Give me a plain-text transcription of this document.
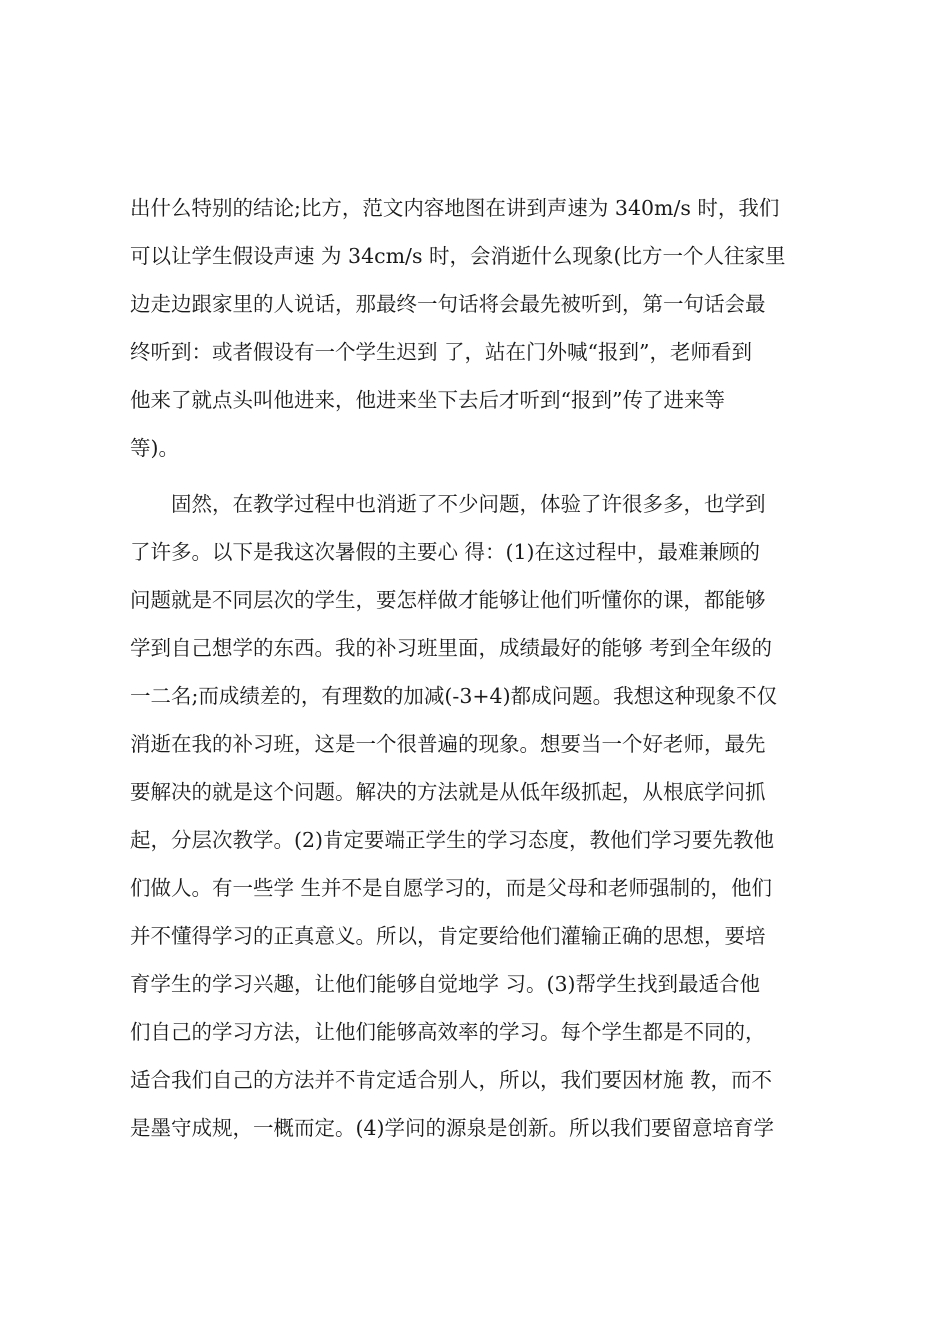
出什么特别的结论;比方，范文内容地图在讲到声速为 340m/s 时，我们
可以让学生假设声速 为 34cm/s 时，会消逝什么现象(比方一个人往家里
边走边跟家里的人说话，那最终一句话将会最先被听到，第一句话会最
终听到：或者假设有一个学生迟到 了，站在门外喊“报到”，老师看到
他来了就点头叫他进来，他进来坐下去后才听到“报到”传了进来等
等)。
　　固然，在教学过程中也消逝了不少问题，体验了许很多多，也学到
了许多。以下是我这次暑假的主要心 得：(1)在这过程中，最难兼顾的
问题就是不同层次的学生，要怎样做才能够让他们听懂你的课，都能够
学到自己想学的东西。我的补习班里面，成绩最好的能够 考到全年级的
一二名;而成绩差的，有理数的加减(-3+4)都成问题。我想这种现象不仅
消逝在我的补习班，这是一个很普遍的现象。想要当一个好老师，最先
要解决的就是这个问题。解决的方法就是从低年级抓起，从根底学问抓
起，分层次教学。(2)肯定要端正学生的学习态度，教他们学习要先教他
们做人。有一些学 生并不是自愿学习的，而是父母和老师强制的，他们
并不懂得学习的正真意义。所以，肯定要给他们灌输正确的思想，要培
育学生的学习兴趣，让他们能够自觉地学 习。(3)帮学生找到最适合他
们自己的学习方法，让他们能够高效率的学习。每个学生都是不同的，
适合我们自己的方法并不肯定适合别人，所以，我们要因材施 教，而不
是墨守成规，一概而定。(4)学问的源泉是创新。所以我们要留意培育学
